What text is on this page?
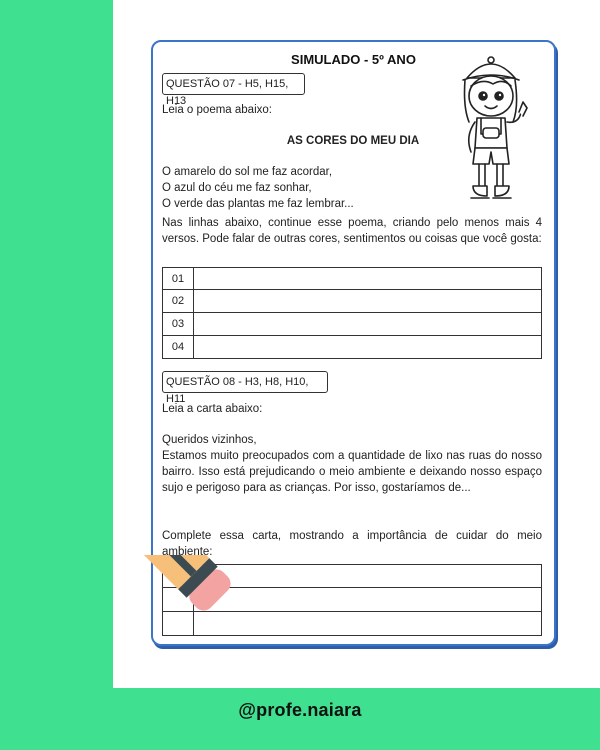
@profe.naiara
SIMULADO - 5º ANO
QUESTÃO 07 - H5, H15, H13
Leia o poema abaixo:
AS CORES DO MEU DIA
O amarelo do sol me faz acordar,
O azul do céu me faz sonhar,
O verde das plantas me faz lembrar...
Nas linhas abaixo, continue esse poema, criando pelo menos mais 4 versos. Pode falar de outras cores, sentimentos ou coisas que você gosta:
01
02
03
04
QUESTÃO 08 - H3, H8, H10, H11
Leia a carta abaixo:
Queridos vizinhos,
Estamos muito preocupados com a quantidade de lixo nas ruas do nosso bairro. Isso está prejudicando o meio ambiente e deixando nosso espaço sujo e perigoso para as crianças. Por isso, gostaríamos de...
Complete essa carta, mostrando a importância de cuidar do meio ambiente:
